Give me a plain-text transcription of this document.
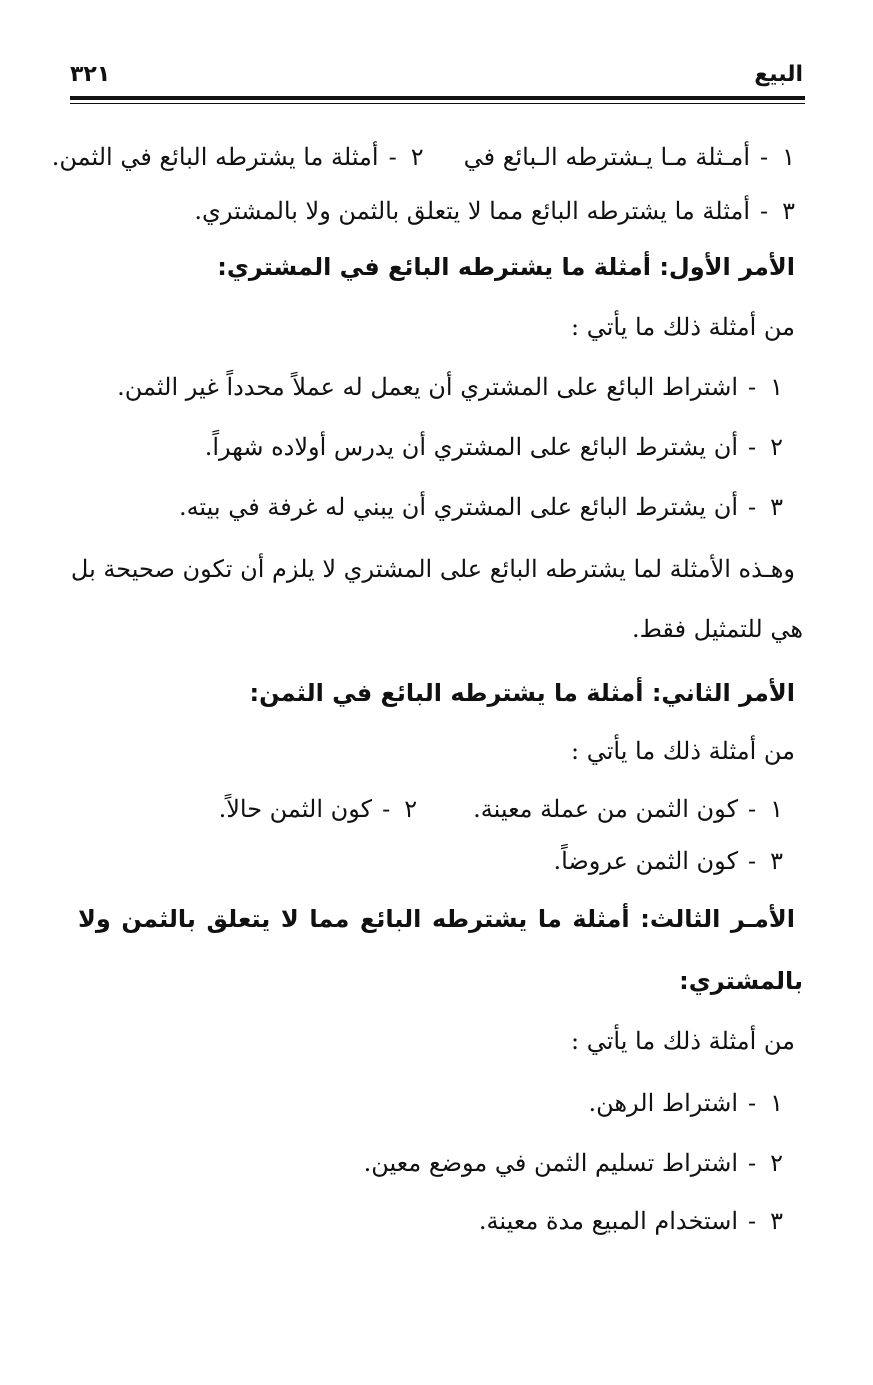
البيع
٣٢١
١-أمـثلة مـا يـشترطه الـبائع في٢-أمثلة ما يشترطه البائع في الثمن.
٣-أمثلة ما يشترطه البائع مما لا يتعلق بالثمن ولا بالمشتري.
الأمر الأول: أمثلة ما يشترطه البائع في المشتري:
من أمثلة ذلك ما يأتي :
١-اشتراط البائع على المشتري أن يعمل له عملاً محدداً غير الثمن.
٢-أن يشترط البائع على المشتري أن يدرس أولاده شهراً.
٣-أن يشترط البائع على المشتري أن يبني له غرفة في بيته.
وهـذه الأمثلة لما يشترطه البائع على المشتري لا يلزم أن تكون صحيحة بل
هي للتمثيل فقط.
الأمر الثاني: أمثلة ما يشترطه البائع في الثمن:
من أمثلة ذلك ما يأتي :
١-كون الثمن من عملة معينة.٢-كون الثمن حالاً.
٣-كون الثمن عروضاً.
الأمـر الثالث: أمثلة ما يشترطه البائع مما لا يتعلق بالثمن ولا
بالمشتري:
من أمثلة ذلك ما يأتي :
١-اشتراط الرهن.
٢-اشتراط تسليم الثمن في موضع معين.
٣-استخدام المبيع مدة معينة.
